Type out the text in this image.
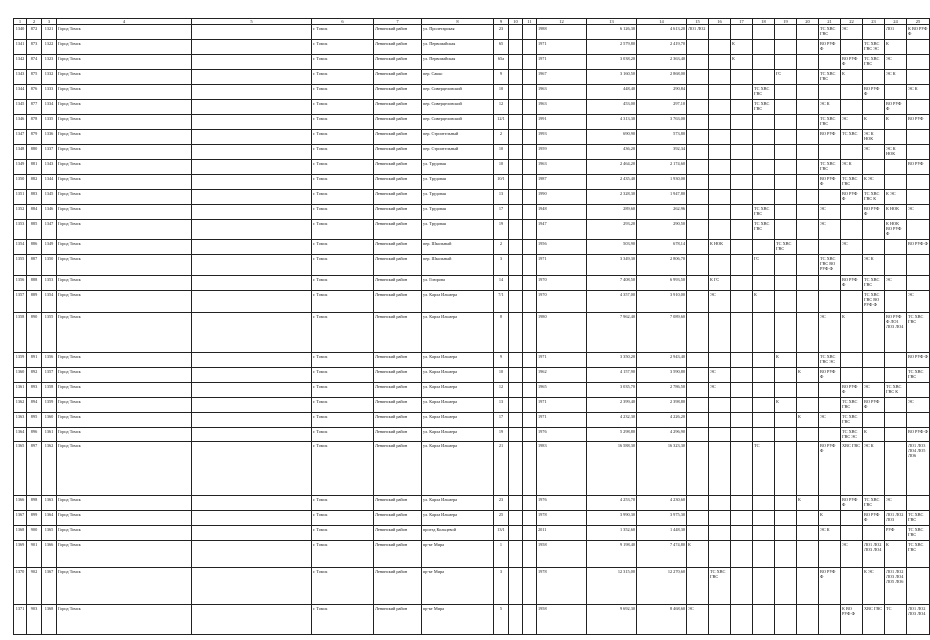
1	2	3	4	5	6	7	8	9	10	11	12	13	14	15	16	17	18	19	20	21	22	23	24	25
1340	872	1321	Город Томск		г. Томск	Ленинский район	ул. Пролетарская	23			1988	6 126,30	4 613,20	ЛО1 ЛО2						ТС ХВС ГВС	ЭС		ЛО1	К ВО РУФ Ф
1341	873	1322	Город Томск		г. Томск	Ленинский район	ул. Первомайская	65			1971	2 579,80	2 419,70			К				ВО РУФ Ф		ТС ХВС ГВС ЭС	К	
1342	874	1323	Город Томск		г. Томск	Ленинский район	ул. Первомайская	65а			1971	3 038,20	2 363,40			К					ВО РУФ Ф	ТС ХВС ГВС	ЭС	
1343	875	1332	Город Томск		г. Томск	Ленинский район	пер. Сакко	9			1967	3 160,50	2 868,00					ГС		ТС ХВС ГВС	К		ЭС К	
1344	876	1333	Город Томск		г. Томск	Ленинский район	пер. Сиверцеловский	10			1963	448,40	290,84				ТС ХВС ГВС					ВО РУФ Ф		ЭС К
1345	877	1334	Город Томск		г. Томск	Ленинский район	пер. Сиверцеловский	12			1963	453,00	297,10				ТС ХВС ГВС			ЭС К			ВО РУФ Ф	
1346	878	1335	Город Томск		г. Томск	Ленинский район	пер. Сиверцеловский	12/1			1991	4 313,30	3 763,00							ТС ХВС ГВС	ЭС	К	К	ВО РУФ
1347	879	1336	Город Томск		г. Томск	Ленинский район	пер. Строительный	2			1993	690,90	573,80							ВО РУФ	ТС ХВС	ЭС К НОК		
1348	880	1337	Город Томск		г. Томск	Ленинский район	пер. Строительный	10			1959	436,20	392,34									ЭС	ЭС К НОК	
1349	881	1343	Город Томск		г. Томск	Ленинский район	ул. Трудовая	10			1963	2 464,20	2 174,60							ТС ХВС ГВС	ЭС К			ВО РУФ
1350	882	1344	Город Томск		г. Томск	Ленинский район	ул. Трудовая	10/1			1987	2 435,40	1 930,00							ВО РУФ Ф	ТС ХВС ГВС	К ЭС		
1351	883	1345	Город Томск		г. Томск	Ленинский район	ул. Трудовая	13			1990	2 328,30	1 947,80								ВО РУФ Ф	ТС ХВС ГВС К	К ЭС	
1352	884	1346	Город Томск		г. Томск	Ленинский район	ул. Трудовая	17			1948	289,60	262,96				ТС ХВС ГВС			ЭС		ВО РУФ Ф	К НОК	ЭС
1353	885	1347	Город Томск		г. Томск	Ленинский район	ул. Трудовая	19			1947	293,20	290,50				ТС ХВС ГВС			ЭС			К НОК ВО РУФ Ф	
1354	886	1349	Город Томск		г. Томск	Ленинский район	пер. Школьный	2			1956	503,90	678,14		К НОК			ТС ХВС ГВС			ЭС			ВО РУФ Ф
1355	887	1350	Город Томск		г. Томск	Ленинский район	пер. Школьный	3			1971	3 349,30	2 806,70				ГС			ТС ХВС ГВС ВО РУФ Ф		ЭС К		
1356	888	1353	Город Томск		г. Томск	Ленинский район	ул. Гоюрова	14			1970	7 408,50	6 993,50		К ГС						ВО РУФ Ф	ТС ХВС ГВС	ЭС	
1357	889	1354	Город Томск		г. Томск	Ленинский район	ул. Карла Ильмера	7/1			1970	4 357,00	3 910,00		ЭС		К					ТС ХВС ГВС ВО РУФ Ф		ЭС
1358	890	1355	Город Томск		г. Томск	Ленинский район	ул. Карла Ильмера	8			1980	7 962,40	7 089,60							ЭС	К		ВО РУФ Ф ЛО1 ЛО3 ЛО4	ТС ХВС ГВС
1359	891	1356	Город Томск		г. Томск	Ленинский район	ул. Карла Ильмера	9			1971	3 350,20	2 943,40					К		ТС ХВС ГВС ЭС				ВО РУФ Ф
1360	892	1357	Город Томск		г. Томск	Ленинский район	ул. Карла Ильмера	10			1962	4 157,90	3 590,80		ЭС				К	ВО РУФ Ф				ТС ХВС ГВС
1361	893	1358	Город Томск		г. Томск	Ленинский район	ул. Карла Ильмера	12			1965	3 035,70	2 786,50		ЭС						ВО РУФ Ф	ЭС	ТС ХВС ГВС К	
1362	894	1359	Город Томск		г. Томск	Ленинский район	ул. Карла Ильмера	13			1971	2 399,40	2 398,80					К			ТС ХВС ГВС	ВО РУФ Ф		ЭС
1363	895	1360	Город Томск		г. Томск	Ленинский район	ул. Карла Ильмера	17			1971	4 232,30	4 226,20						К	ЭС	ТС ХВС ГВС			
1364	896	1361	Город Томск		г. Томск	Ленинский район	ул. Карла Ильмера	19			1976	5 298,80	4 296,90								ТС ХВС ГВС ЭС	К		ВО РУФ Ф
1365	897	1362	Город Томск		г. Томск	Ленинский район	ул. Карла Ильмера	21			1983	16 588,30	16 323,30				ТС			ВО РУФ Ф	ХВС ГВС	ЭС К		ЛО1 ЛО3 ЛО4 ЛО5 ЛО6
1366	898	1363	Город Томск		г. Томск	Ленинский район	ул. Карла Ильмера	23			1976	4 253,70	4 230,60						К		ВО РУФ Ф	ТС ХВС ГВС	ЭС	
1367	899	1364	Город Томск		г. Томск	Ленинский район	ул. Карла Ильмера	25			1978	3 990,30	3 975,30							К		ВО РУФ Ф	ЛО1 ЛО2 ЛО3	ТС ХВС ГВС
1368	900	1365	Город Томск		г. Томск	Ленинский район	проезд Кольцевой	13/1			2011	1 352,60	1 448,30							ЭС К			РУФ	ТС ХВС ГВС
1369	901	1366	Город Томск		г. Томск	Ленинский район	пр-кт Мира	1			1958	9 198,40	7 474,80	К							ЭС	ЛО1 ЛО2 ЛО3 ЛО4	К	ТС ХВС ГВС
1370	902	1367	Город Томск		г. Томск	Ленинский район	пр-кт Мира	3			1978	12 315,00	12 270,60		ТС ХВС ГВС					ВО РУФ Ф		К ЭС	ЛО1 ЛО2 ЛО3 ЛО4 ЛО5 ЛО6	
1371	903	1368	Город Томск		г. Томск	Ленинский район	пр-кт Мира	5			1958	9 692,30	8 468,60	ЭС							К ВО РУФ Ф	ХВС ГВС	ТС	ЛО1 ЛО2 ЛО3 ЛО4
